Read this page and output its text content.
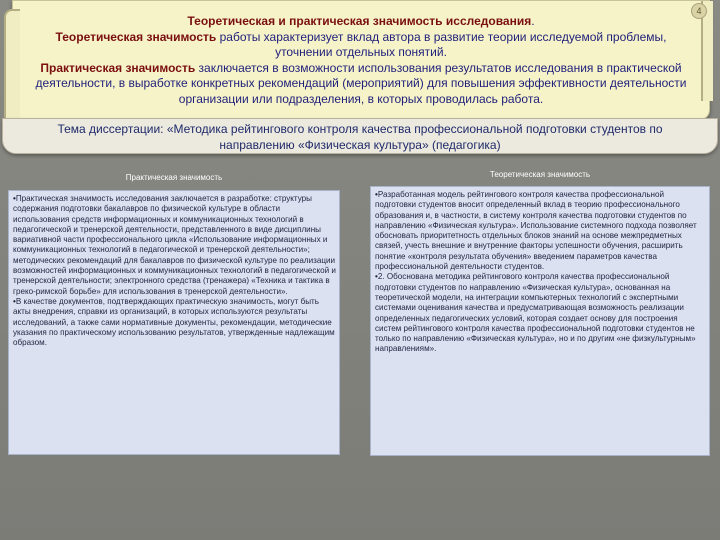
4
Теоретическая и практическая значимость исследования.
Теоретическая значимость работы характеризует вклад автора в развитие теории исследуемой проблемы, уточнении отдельных понятий.
Практическая значимость заключается в возможности использования результатов исследования в практической деятельности, в выработке конкретных рекомендаций (мероприятий) для повышения эффективности деятельности организации или подразделения, в которых проводилась работа.
Тема диссертации: «Методика рейтингового контроля качества профессиональной подготовки студентов по направлению «Физическая культура» (педагогика)
Практическая значимость

•Практическая значимость исследования заключается в разработке: структуры содержания подготовки бакалавров по физической культуре в области использования средств информационных и коммуникационных технологий в педагогической и тренерской деятельности, представленного в виде дисциплины вариативной части профессионального цикла «Использование информационных и коммуникационных технологий в педагогической и тренерской деятельности»; методических рекомендаций для бакалавров по физической культуре по реализации возможностей информационных и коммуникационных технологий в педагогической и тренерской деятельности; электронного средства (тренажера) «Техника и тактика в греко-римской борьбе» для использования в тренерской деятельности».

•В качестве документов, подтверждающих практическую значимость, могут быть акты внедрения, справки из организаций, в которых используются результаты исследований, а также сами нормативные документы, рекомендации, методические указания по практическому использованию результатов, утвержденные надлежащим образом.

Теоретическая значимость

•Разработанная модель рейтингового контроля качества профессиональной подготовки студентов вносит определенный вклад в теорию профессионального образования и, в частности, в систему контроля качества подготовки студентов по направлению «Физическая культура». Использование системного подхода позволяет обосновать приоритетность отдельных блоков знаний на основе межпредметных связей, учесть внешние и внутренние факторы успешности обучения, расширить понятие «контроля результата обучения» введением параметров качества профессиональной деятельности студентов.

•2. Обоснована методика рейтингового контроля качества профессиональной подготовки студентов по направлению «Физическая культура», основанная на теоретической модели, на интеграции компьютерных технологий с экспертными системами оценивания качества и предусматривающая возможность реализации определенных педагогических условий, которая создает основу для построения систем рейтингового контроля качества профессиональной подготовки студентов не только по направлению «Физическая культура», но и по другим «не физкультурным» направлениям».
